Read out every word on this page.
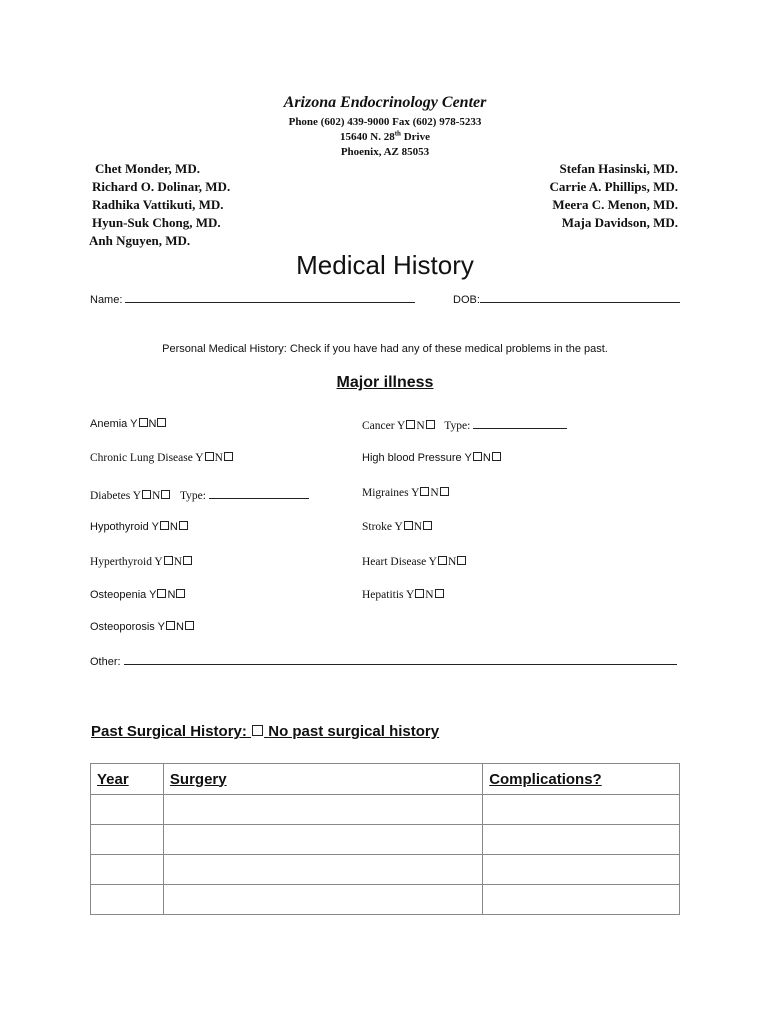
Arizona Endocrinology Center
Phone (602) 439-9000 Fax (602) 978-5233
15640 N. 28th Drive
Phoenix, AZ 85053
Chet Monder, MD.
Richard O. Dolinar, MD.
Radhika Vattikuti, MD.
Hyun-Suk Chong, MD.
Anh Nguyen, MD.
Stefan Hasinski, MD.
Carrie A. Phillips, MD.
Meera C. Menon, MD.
Maja Davidson, MD.
Medical History
Name:	DOB:
Personal Medical History: Check if you have had any of these medical problems in the past.
Major illness
Anemia Y N
Chronic Lung Disease Y N
Diabetes Y N Type:
Hypothyroid Y N
Hyperthyroid Y N
Osteopenia Y N
Osteoporosis Y N
Cancer Y N Type:
High blood Pressure Y N
Migraines Y N
Stroke Y N
Heart Disease Y N
Hepatitis Y N
Other:
Past Surgical History: No past surgical history
Year	Surgery	Complications?
